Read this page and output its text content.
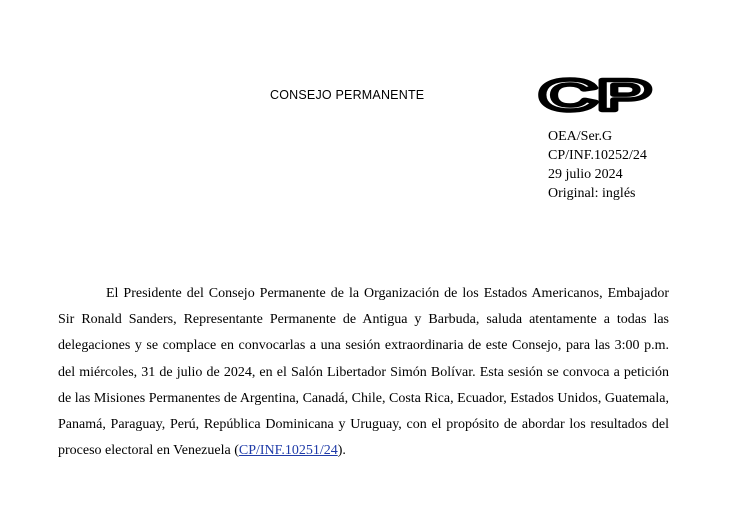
CONSEJO PERMANENTE	CP
OEA/Ser.G
CP/INF.10252/24
29 julio 2024
Original: inglés

El Presidente del Consejo Permanente de la Organización de los Estados Americanos, Embajador Sir Ronald Sanders, Representante Permanente de Antigua y Barbuda, saluda atentamente a todas las delegaciones y se complace en convocarlas a una sesión extraordinaria de este Consejo, para las 3:00 p.m. del miércoles, 31 de julio de 2024, en el Salón Libertador Simón Bolívar. Esta sesión se convoca a petición de las Misiones Permanentes de Argentina, Canadá, Chile, Costa Rica, Ecuador, Estados Unidos, Guatemala, Panamá, Paraguay, Perú, República Dominicana y Uruguay, con el propósito de abordar los resultados del proceso electoral en Venezuela (CP/INF.10251/24).
